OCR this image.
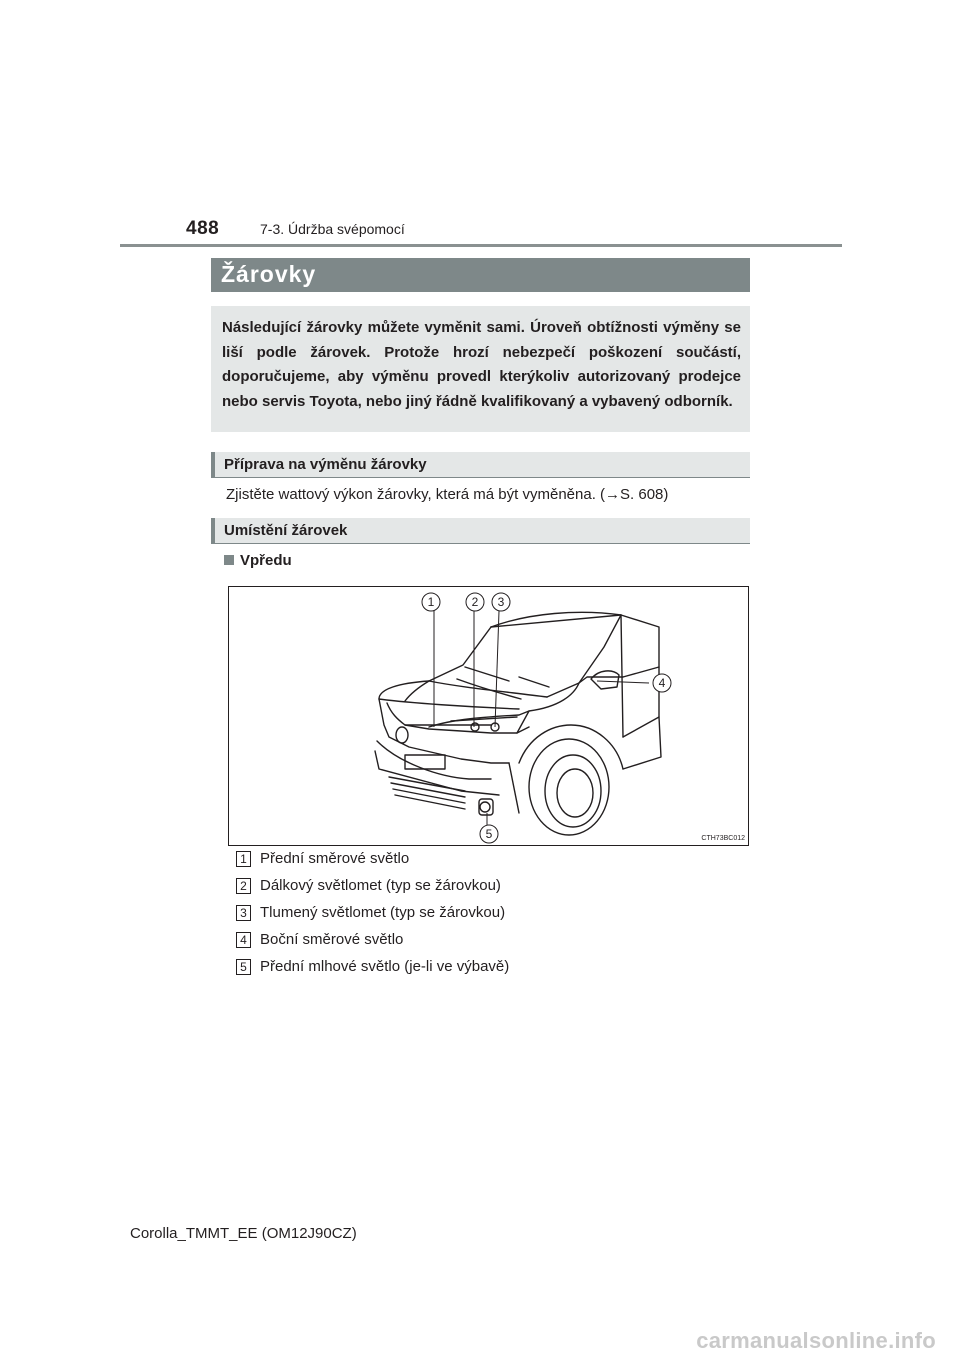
488	7-3. Údržba svépomocí
Žárovky

Následující žárovky můžete vyměnit sami. Úroveň obtížnosti výměny se liší podle žárovek. Protože hrozí nebezpečí poškození součástí, doporučujeme, aby výměnu provedl kterýkoliv autorizovaný prodejce nebo servis Toyota, nebo jiný řádně kvalifikovaný a vybavený odborník.

Příprava na výměnu žárovky
Zjistěte wattový výkon žárovky, která má být vyměněna. (→S. 608)
Umístění žárovek
Vpředu
1	2 3
4
5	CTH73BC012
1 Přední směrové světlo
2 Dálkový světlomet (typ se žárovkou)
3 Tlumený světlomet (typ se žárovkou)
4 Boční směrové světlo
5 Přední mlhové světlo (je-li ve výbavě)
Corolla_TMMT_EE (OM12J90CZ)
carmanualsonline.info
